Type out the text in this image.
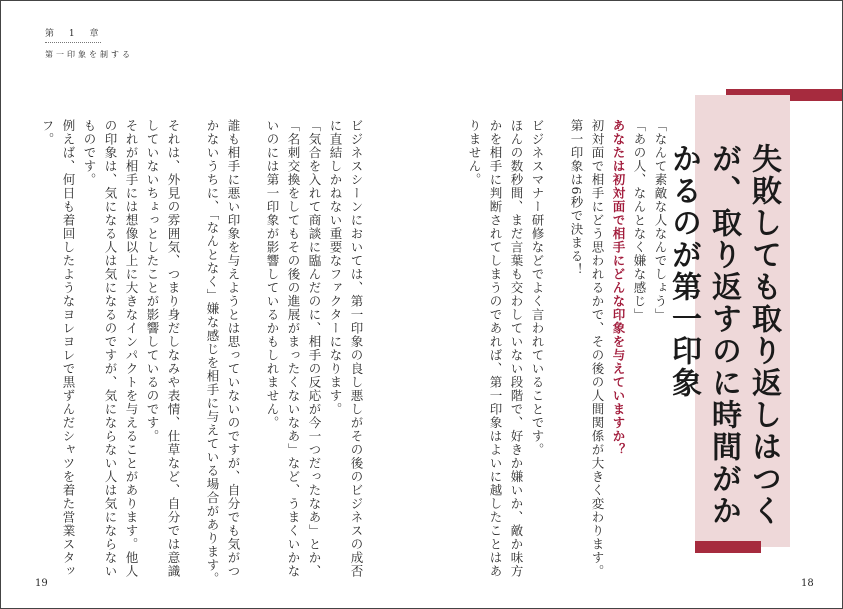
第 1 章
第一印象を制する
失敗しても取り返しはつくが、取り返すのに時間がかかるのが第一印象

「なんて素敵な人なんでしょう」

「あの人、なんとなく嫌な感じ」

あなたは初対面で相手にどんな印象を与えていますか？

初対面で相手にどう思われるかで、その後の人間関係が大きく変わります。

第一印象は6秒で決まる！

ビジネスマナー研修などでよく言われていることです。

ほんの数秒間、まだ言葉も交わしていない段階で、好きか嫌いか、敵か味方かを相手に判断されてしまうのであれば、第一印象はよいに越したことはありません。

ビジネスシーンにおいては、第一印象の良し悪しがその後のビジネスの成否に直結しかねない重要なファクターになります。

「気合を入れて商談に臨んだのに、相手の反応が今一つだったなあ」とか、「名刺交換をしてもその後の進展がまったくないなあ」など、うまくいかないのには第一印象が影響しているかもしれません。

誰も相手に悪い印象を与えようとは思っていないのですが、自分でも気がつかないうちに、「なんとなく」嫌な感じを相手に与えている場合があります。

それは、外見の雰囲気、つまり身だしなみや表情、仕草など、自分では意識していないちょっとしたことが影響しているのです。

それが相手には想像以上に大きなインパクトを与えることがあります。他人の印象は、気になる人は気になるのですが、気にならない人は気にならないものです。

例えば、何日も着回したようなヨレヨレで黒ずんだシャツを着た営業スタッフ。

19	18
